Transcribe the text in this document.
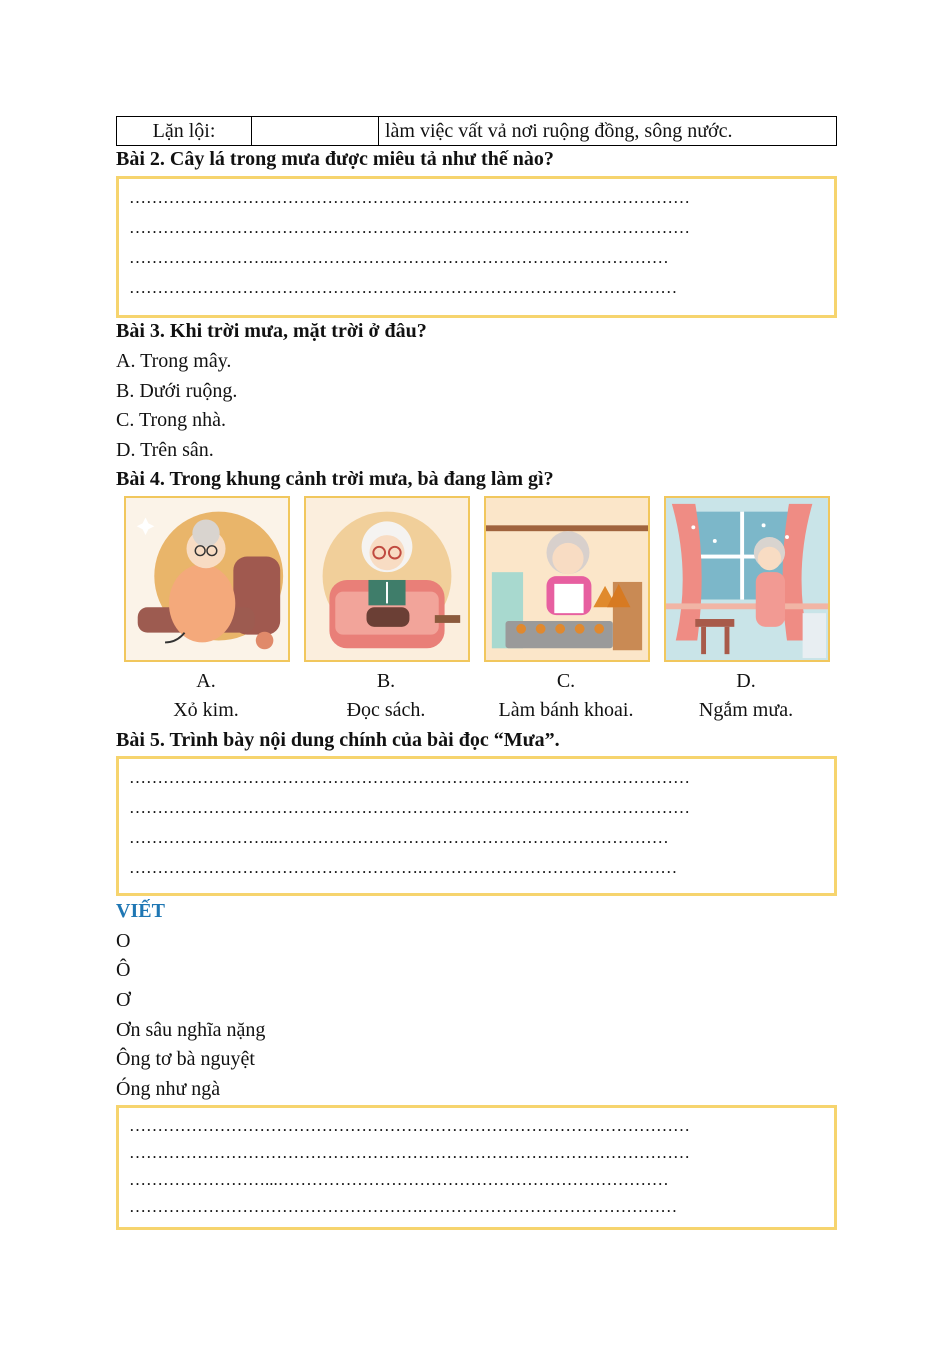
Lặn lội:	làm việc vất vả nơi ruộng đồng, sông nước.
Bài 2. Cây lá trong mưa được miêu tả như thế nào?
………………………………………………………………………………………
………………………………………………………………………………………
……………………...……………………………………………………………
…………………………………………….………………………………………
Bài 3. Khi trời mưa, mặt trời ở đâu?
A. Trong mây.
B. Dưới ruộng.
C. Trong nhà.
D. Trên sân.
Bài 4. Trong khung cảnh trời mưa, bà đang làm gì?
A.
Xỏ kim.
B.
Đọc sách.
C.
Làm bánh khoai.
D.
Ngắm mưa.
Bài 5. Trình bày nội dung chính của bài đọc “Mưa”.
………………………………………………………………………………………
………………………………………………………………………………………
……………………...……………………………………………………………
…………………………………………….………………………………………
VIẾT
O
Ô
Ơ
Ơn sâu nghĩa nặng
Ông tơ bà nguyệt
Óng như ngà
………………………………………………………………………………………
………………………………………………………………………………………
……………………...……………………………………………………………
…………………………………………….………………………………………
